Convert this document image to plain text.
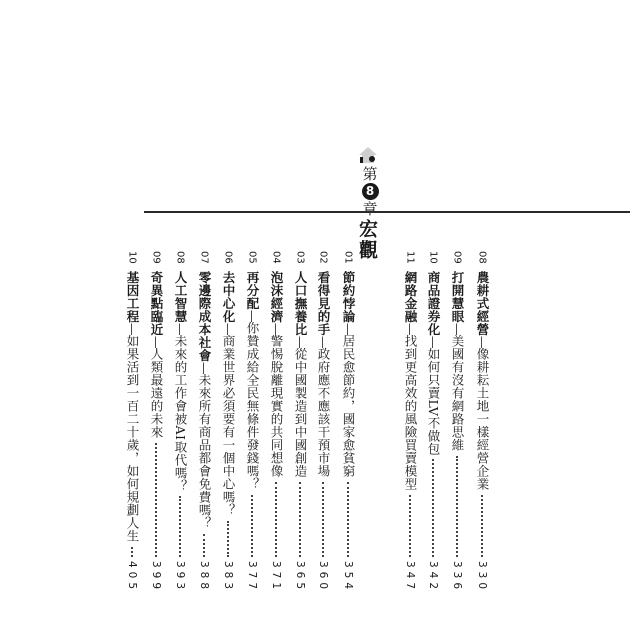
第
8
章
宏觀	08
農耕式經營—像耕耘土地一樣經營企業
330
09
打開慧眼—美國有沒有網路思維
336
10
商品證券化—如何只賣LV不做包
342
11
網路金融—找到更高效的風險買賣模型
347
01
節約悖論—居民愈節約，國家愈貧窮
354
02
看得見的手—政府應不應該干預市場
360
03
人口撫養比—從中國製造到中國創造
365
04
泡沫經濟—警惕脫離現實的共同想像
371
05
再分配—你贊成給全民無條件發錢嗎？
377
06
去中心化—商業世界必須要有一個中心嗎？
383
07
零邊際成本社會—未來所有商品都會免費嗎？
388
08
人工智慧—未來的工作會被AI取代嗎？
393
09
奇異點臨近—人類最遠的未來
399
10
基因工程—如果活到一百二十歲，如何規劃人生
405
